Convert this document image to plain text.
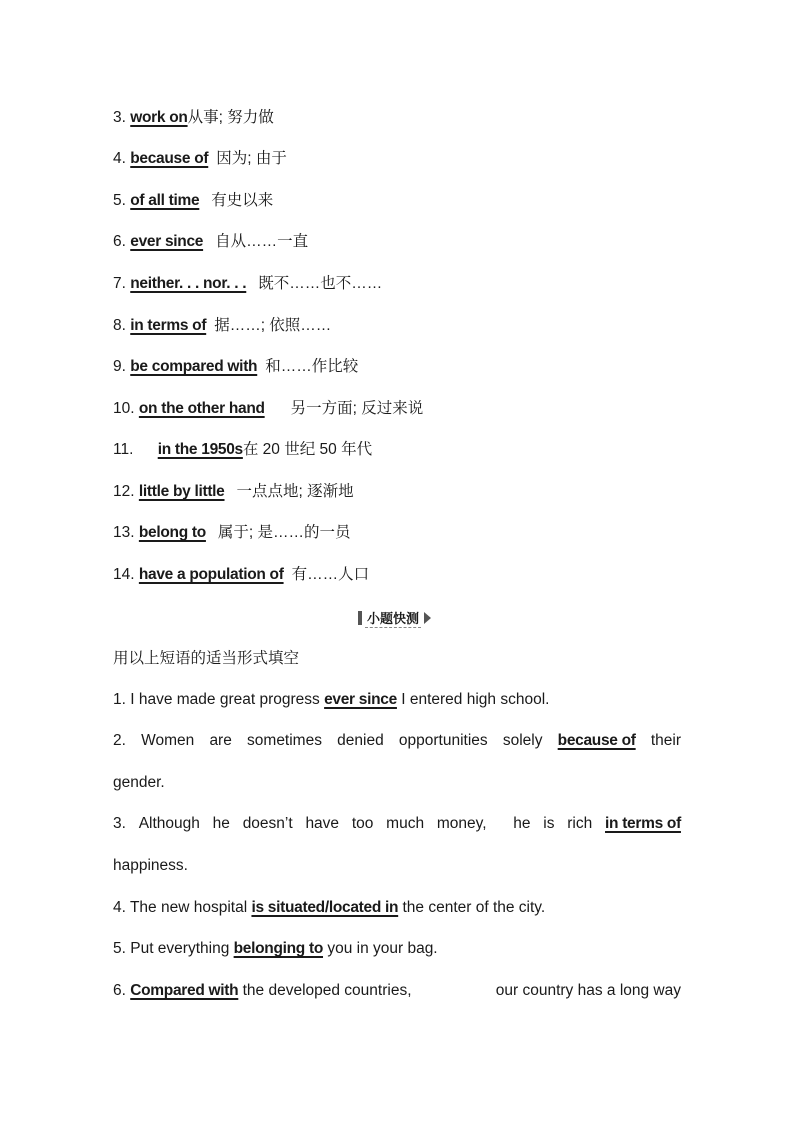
3. work on从事; 努力做
4. because of 因为; 由于
5. of all time 有史以来
6. ever since 自从……一直
7. neither. . . nor. . . 既不……也不……
8. in terms of 据……; 依照……
9. be compared with 和……作比较
10. on the other hand 另一方面; 反过来说
11. in the 1950s在 20 世纪 50 年代
12. little by little 一点点地; 逐渐地
13. belong to 属于; 是……的一员
14. have a population of 有……人口
小题快测
用以上短语的适当形式填空
1. I have made great progress ever since I entered high school.
2. Women are sometimes denied opportunities solely because of their
gender.
3. Although he doesn’t have too much money, he is rich in terms of
happiness.
4. The new hospital is situated/located in the center of the city.
5. Put everything belonging to you in your bag.
6. Compared with the developed countries,	our country has a long way
